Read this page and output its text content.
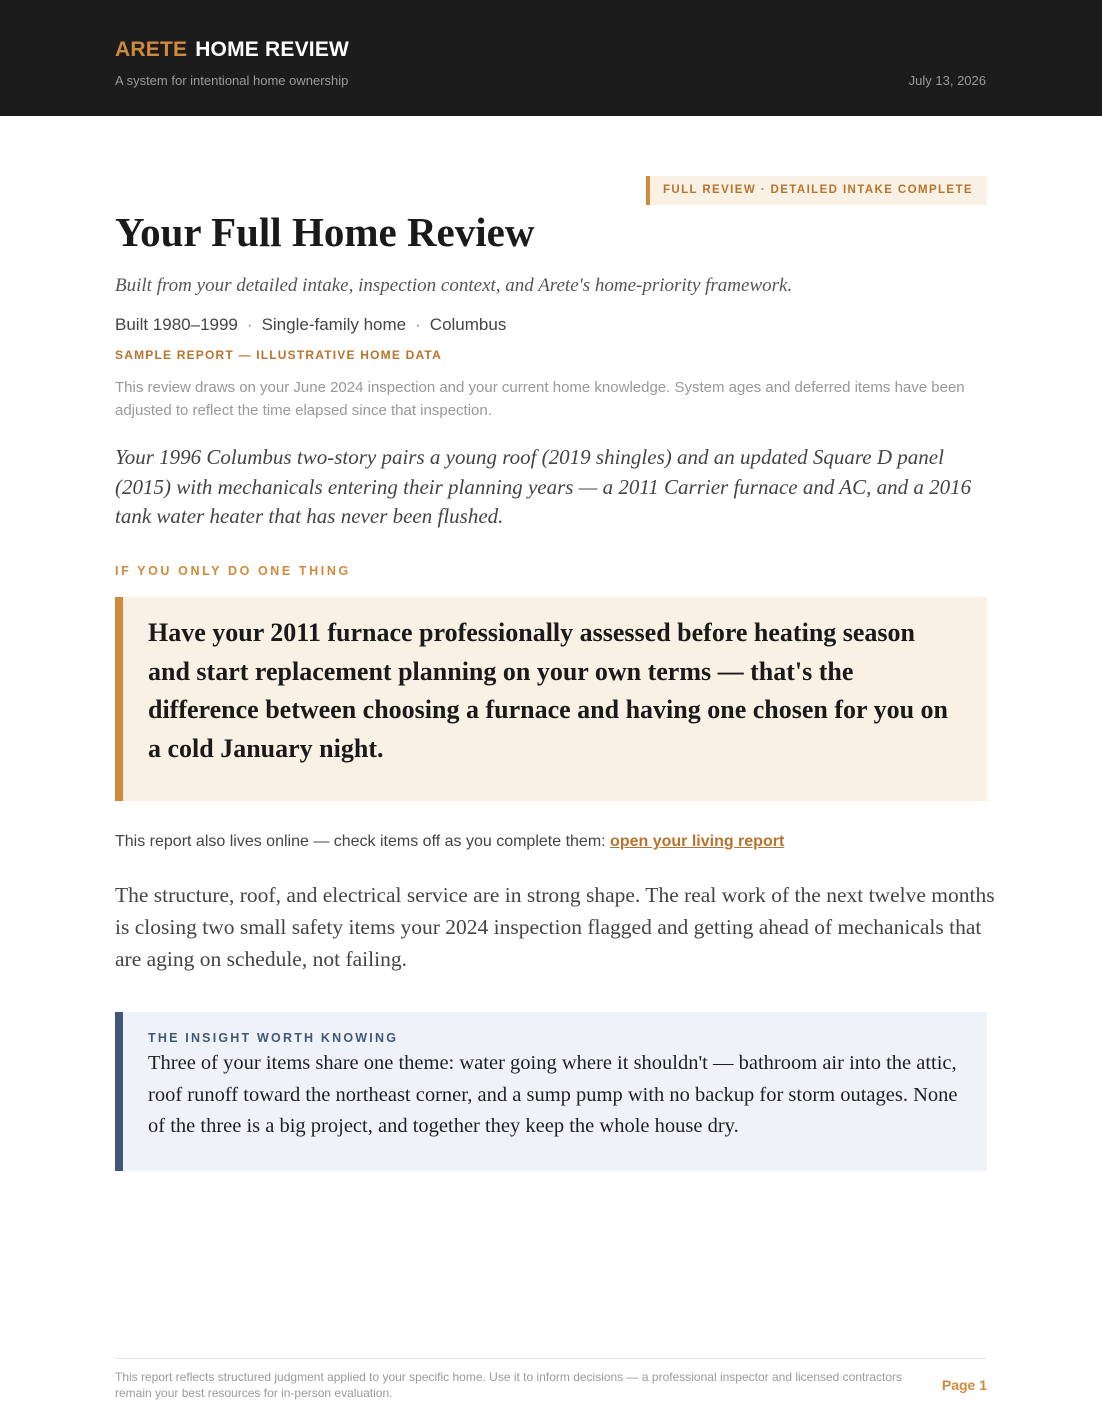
ARETE HOME REVIEW
A system for intentional home ownership	July 13, 2026
FULL REVIEW · DETAILED INTAKE COMPLETE
Your Full Home Review
Built from your detailed intake, inspection context, and Arete's home-priority framework.
Built 1980–1999 · Single-family home · Columbus
SAMPLE REPORT — ILLUSTRATIVE HOME DATA
This review draws on your June 2024 inspection and your current home knowledge. System ages and deferred items have been adjusted to reflect the time elapsed since that inspection.
Your 1996 Columbus two-story pairs a young roof (2019 shingles) and an updated Square D panel (2015) with mechanicals entering their planning years — a 2011 Carrier furnace and AC, and a 2016 tank water heater that has never been flushed.
IF YOU ONLY DO ONE THING
Have your 2011 furnace professionally assessed before heating season and start replacement planning on your own terms — that's the difference between choosing a furnace and having one chosen for you on a cold January night.
This report also lives online — check items off as you complete them: open your living report
The structure, roof, and electrical service are in strong shape. The real work of the next twelve months is closing two small safety items your 2024 inspection flagged and getting ahead of mechanicals that are aging on schedule, not failing.
THE INSIGHT WORTH KNOWING
Three of your items share one theme: water going where it shouldn't — bathroom air into the attic, roof runoff toward the northeast corner, and a sump pump with no backup for storm outages. None of the three is a big project, and together they keep the whole house dry.
This report reflects structured judgment applied to your specific home. Use it to inform decisions — a professional inspector and licensed contractors remain your best resources for in-person evaluation.	Page 1
